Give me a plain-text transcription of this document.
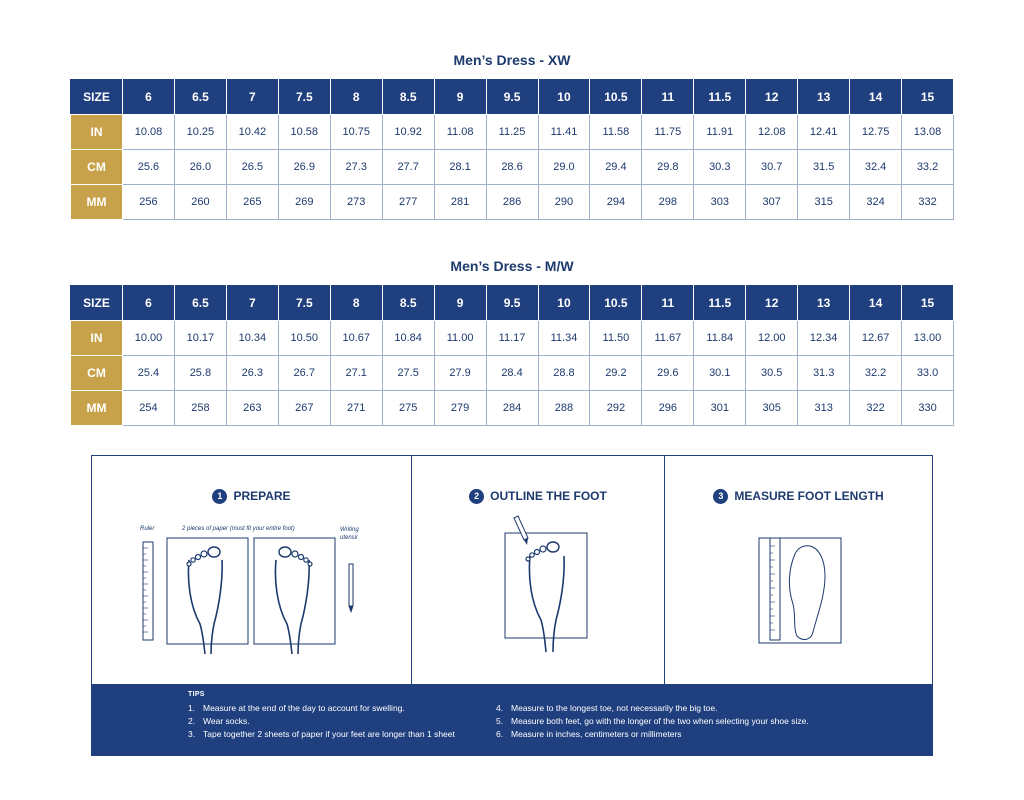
Men’s Dress - XW
SIZE	6	6.5	7	7.5	8	8.5	9	9.5	10	10.5	11	11.5	12	13	14	15
IN	10.08	10.25	10.42	10.58	10.75	10.92	11.08	11.25	11.41	11.58	11.75	11.91	12.08	12.41	12.75	13.08
CM	25.6	26.0	26.5	26.9	27.3	27.7	28.1	28.6	29.0	29.4	29.8	30.3	30.7	31.5	32.4	33.2
MM	256	260	265	269	273	277	281	286	290	294	298	303	307	315	324	332
Men’s Dress - M/W
SIZE	6	6.5	7	7.5	8	8.5	9	9.5	10	10.5	11	11.5	12	13	14	15
IN	10.00	10.17	10.34	10.50	10.67	10.84	11.00	11.17	11.34	11.50	11.67	11.84	12.00	12.34	12.67	13.00
CM	25.4	25.8	26.3	26.7	27.1	27.5	27.9	28.4	28.8	29.2	29.6	30.1	30.5	31.3	32.2	33.0
MM	254	258	263	267	271	275	279	284	288	292	296	301	305	313	322	330
1 PREPARE
Ruler	2 pieces of paper (must fit your entire foot)	Writing utensil
2 OUTLINE THE FOOT	3 MEASURE FOOT LENGTH
TIPS
1. Measure at the end of the day to account for swelling.
2. Wear socks.
3. Tape together 2 sheets of paper if your feet are longer than 1 sheet
4. Measure to the longest toe, not necessarily the big toe.
5. Measure both feet, go with the longer of the two when selecting your shoe size.
6. Measure in inches, centimeters or millimeters
